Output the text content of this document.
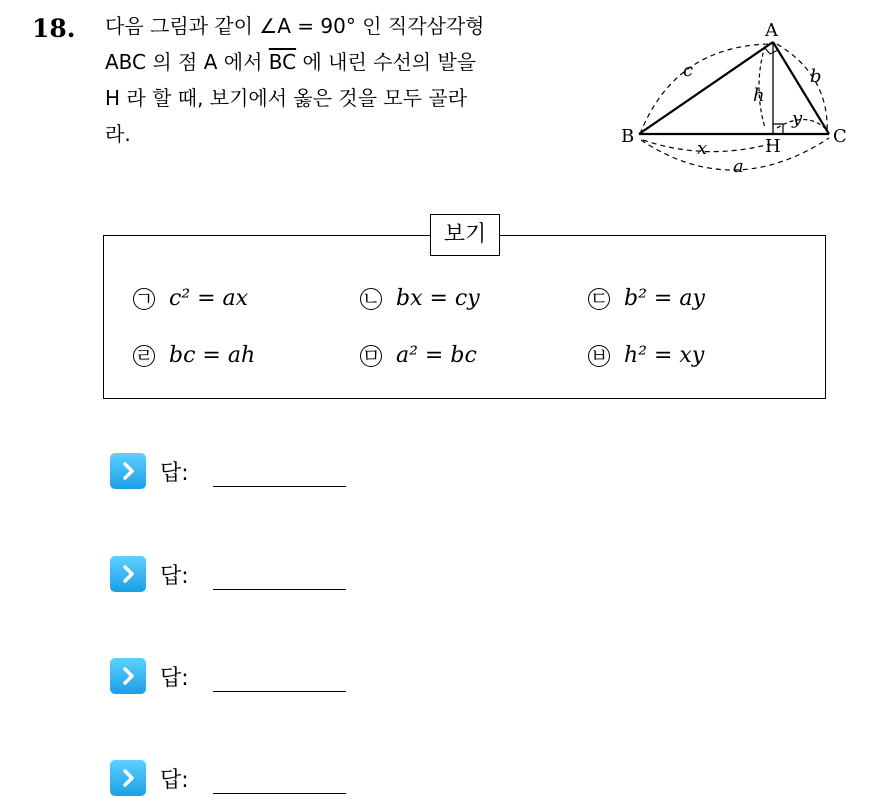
18. 다음 그림과 같이 ∠A = 90° 인 직각삼각형
ABC 의 점 A 에서 $\overline{BC}$ 에 내린 수선의 발을
H 라 할 때, 보기에서 옳은 것을 모두 골라
라.
A
B	C
H
c	b
h
y
x
a
보기
ㄱ c² = ax	ㄴ bx = cy	ㄷ b² = ay
ㄹ bc = ah	ㅁ a² = bc	ㅂ h² = xy
답:
답:
답:
답:
